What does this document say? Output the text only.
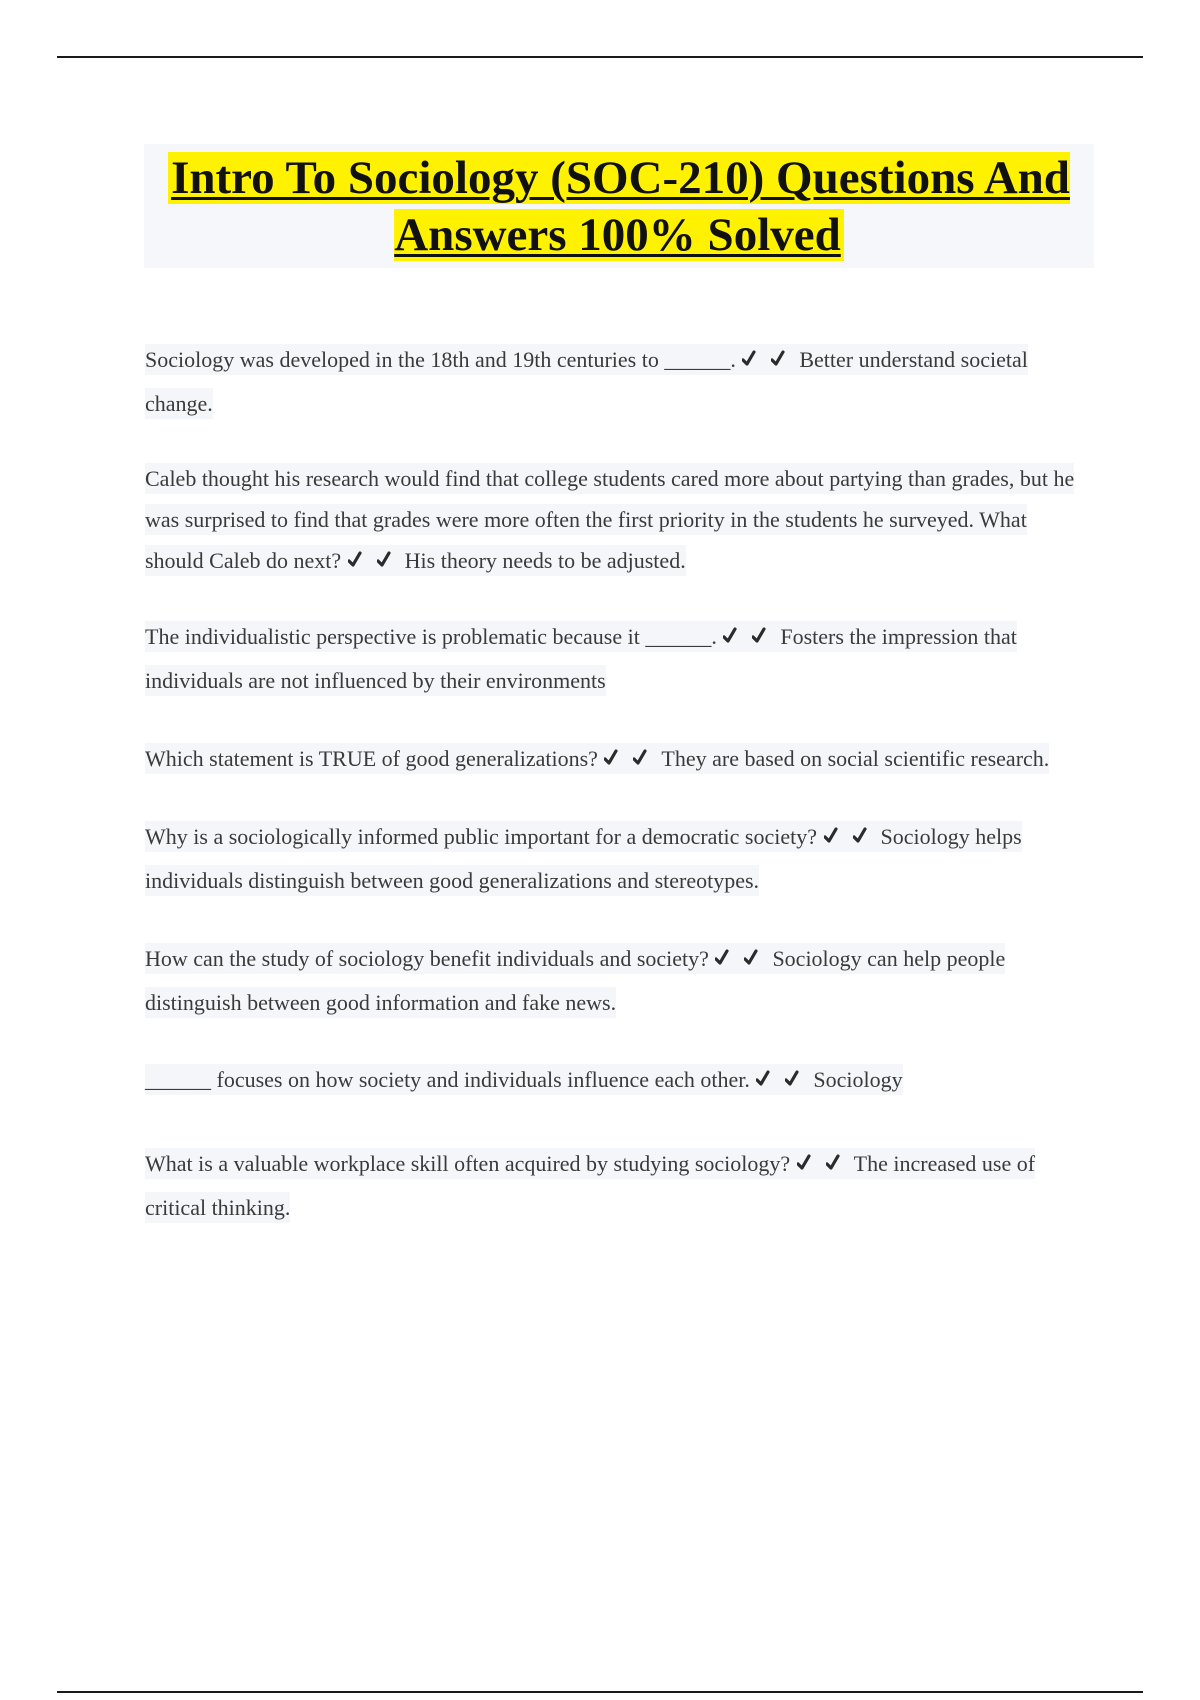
Intro To Sociology (SOC-210) Questions And Answers 100% Solved

Sociology was developed in the 18th and 19th centuries to ______.	Better understand societal change.

Caleb thought his research would find that college students cared more about partying than grades, but he was surprised to find that grades were more often the first priority in the students he surveyed. What should Caleb do next?	His theory needs to be adjusted.

The individualistic perspective is problematic because it ______.	Fosters the impression that individuals are not influenced by their environments

Which statement is TRUE of good generalizations?	They are based on social scientific research.

Why is a sociologically informed public important for a democratic society?	Sociology helps individuals distinguish between good generalizations and stereotypes.

How can the study of sociology benefit individuals and society?	Sociology can help people distinguish between good information and fake news.

______ focuses on how society and individuals influence each other.	Sociology

What is a valuable workplace skill often acquired by studying sociology?	The increased use of critical thinking.
